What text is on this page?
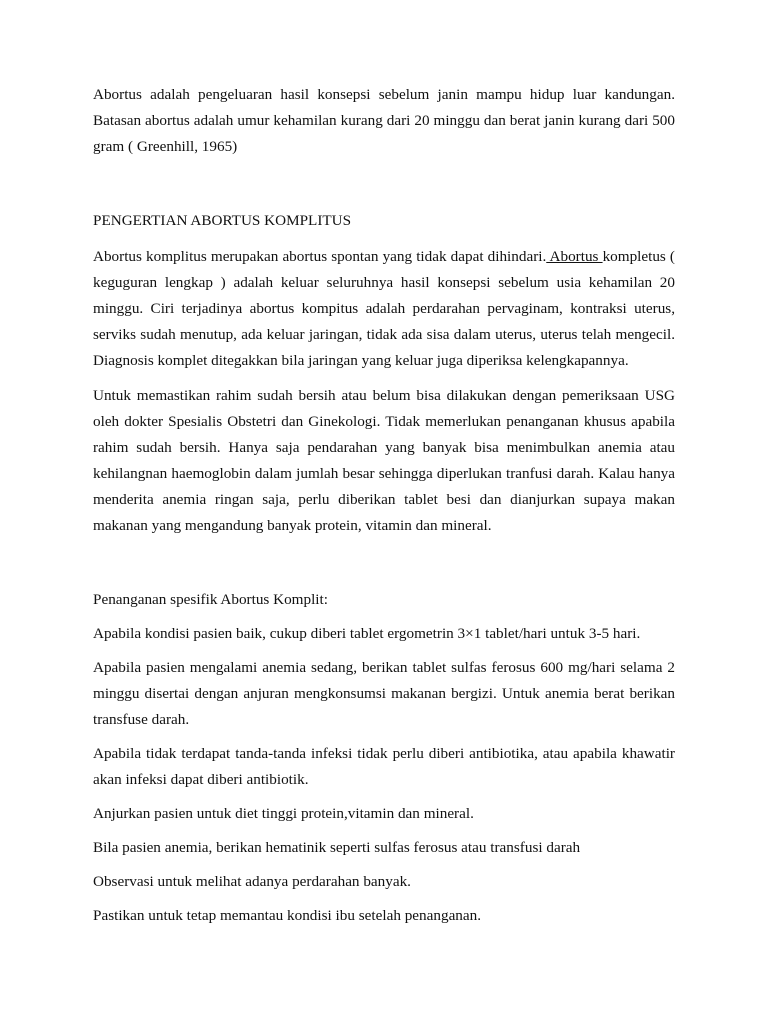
Abortus adalah pengeluaran hasil konsepsi sebelum janin mampu hidup luar kandungan. Batasan abortus adalah umur kehamilan kurang dari 20 minggu dan berat janin kurang dari 500 gram ( Greenhill, 1965)

PENGERTIAN ABORTUS KOMPLITUS

Abortus komplitus merupakan abortus spontan yang tidak dapat dihindari. Abortus kompletus ( keguguran lengkap ) adalah keluar seluruhnya hasil konsepsi sebelum usia kehamilan 20 minggu. Ciri terjadinya abortus kompitus adalah perdarahan pervaginam, kontraksi uterus, serviks sudah menutup, ada keluar jaringan, tidak ada sisa dalam uterus, uterus telah mengecil. Diagnosis komplet ditegakkan bila jaringan yang keluar juga diperiksa kelengkapannya.

Untuk memastikan rahim sudah bersih atau belum bisa dilakukan dengan pemeriksaan USG oleh dokter Spesialis Obstetri dan Ginekologi. Tidak memerlukan penanganan khusus apabila rahim sudah bersih. Hanya saja pendarahan yang banyak bisa menimbulkan anemia atau kehilangnan haemoglobin dalam jumlah besar sehingga diperlukan tranfusi darah. Kalau hanya menderita anemia ringan saja, perlu diberikan tablet besi dan dianjurkan supaya makan makanan yang mengandung banyak protein, vitamin dan mineral.

Penanganan spesifik Abortus Komplit:

Apabila kondisi pasien baik, cukup diberi tablet ergometrin 3×1 tablet/hari untuk 3-5 hari.

Apabila pasien mengalami anemia sedang, berikan tablet sulfas ferosus 600 mg/hari selama 2 minggu disertai dengan anjuran mengkonsumsi makanan bergizi. Untuk anemia berat berikan transfuse darah.

Apabila tidak terdapat tanda-tanda infeksi tidak perlu diberi antibiotika, atau apabila khawatir akan infeksi dapat diberi antibiotik.

Anjurkan pasien untuk diet tinggi protein,vitamin dan mineral.

Bila pasien anemia, berikan hematinik seperti sulfas ferosus atau transfusi darah

Observasi untuk melihat adanya perdarahan banyak.

Pastikan untuk tetap memantau kondisi ibu setelah penanganan.
